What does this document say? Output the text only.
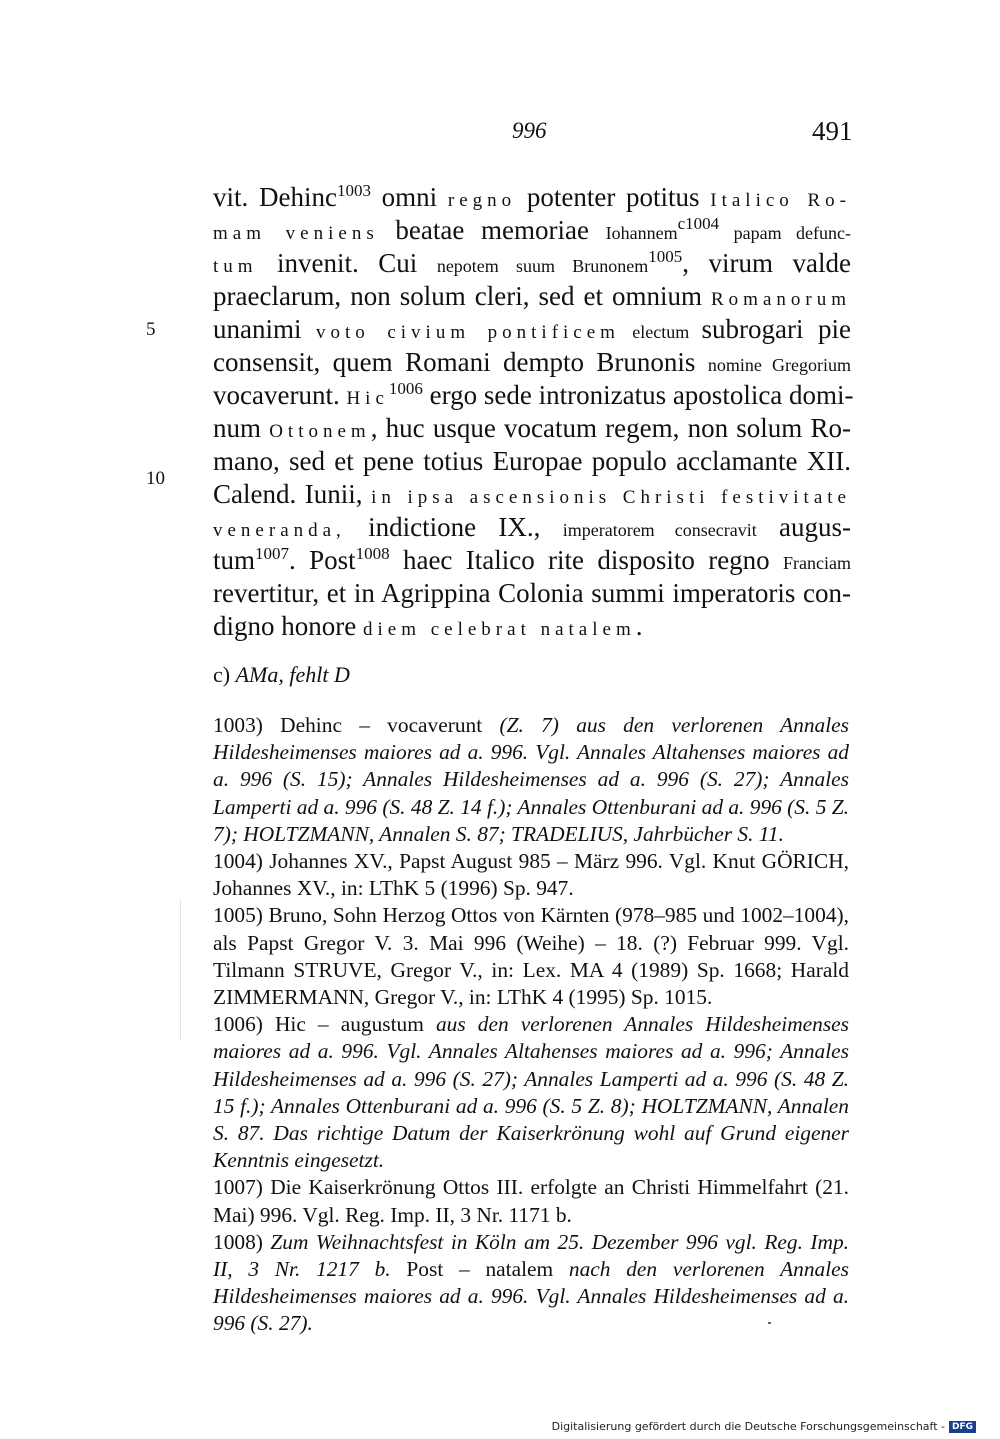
996	491
5
10
vit. Dehinc$^{1003}$ omni regno potenter potitus Italico Ro-
mam veniens beatae memoriae Iohannem$^{c1004}$ papam defunc-
tum invenit. Cui nepotem suum Brunonem$^{1005}$, virum valde
praeclarum, non solum cleri, sed et omnium Romanorum
unanimi voto civium pontificem electum subrogari pie
consensit, quem Romani dempto Brunonis nomine Gregorium
vocaverunt. Hic$^{1006}$ ergo sede intronizatus apostolica domi-
num Ottonem, huc usque vocatum regem, non solum Ro-
mano, sed et pene totius Europae populo acclamante XII.
Calend. Iunii, in ipsa ascensionis Christi festivitate
veneranda, indictione IX., imperatorem consecravit augus-
tum$^{1007}$. Post$^{1008}$ haec Italico rite disposito regno Franciam
revertitur, et in Agrippina Colonia summi imperatoris con-
digno honore diem celebrat natalem.
c) AMa, fehlt D

1003) Dehinc – vocaverunt (Z. 7) aus den verlorenen Annales Hildesheimenses maiores ad a. 996. Vgl. Annales Altahenses maiores ad a. 996 (S. 15); Annales Hildesheimenses ad a. 996 (S. 27); Annales Lamperti ad a. 996 (S. 48 Z. 14 f.); Annales Ottenburani ad a. 996 (S. 5 Z. 7); HOLTZMANN, Annalen S. 87; TRADELIUS, Jahrbücher S. 11.

1004) Johannes XV., Papst August 985 – März 996. Vgl. Knut GÖRICH, Johannes XV., in: LThK 5 (1996) Sp. 947.

1005) Bruno, Sohn Herzog Ottos von Kärnten (978–985 und 1002–1004), als Papst Gregor V. 3. Mai 996 (Weihe) – 18. (?) Februar 999. Vgl. Tilmann STRUVE, Gregor V., in: Lex. MA 4 (1989) Sp. 1668; Harald ZIMMERMANN, Gregor V., in: LThK 4 (1995) Sp. 1015.

1006) Hic – augustum aus den verlorenen Annales Hildesheimenses maiores ad a. 996. Vgl. Annales Altahenses maiores ad a. 996; Annales Hildesheimenses ad a. 996 (S. 27); Annales Lamperti ad a. 996 (S. 48 Z. 15 f.); Annales Ottenburani ad a. 996 (S. 5 Z. 8); HOLTZMANN, Annalen S. 87. Das richtige Datum der Kaiserkrönung wohl auf Grund eigener Kenntnis eingesetzt.

1007) Die Kaiserkrönung Ottos III. erfolgte an Christi Himmelfahrt (21. Mai) 996. Vgl. Reg. Imp. II, 3 Nr. 1171 b.

1008) Zum Weihnachtsfest in Köln am 25. Dezember 996 vgl. Reg. Imp. II, 3 Nr. 1217 b. Post – natalem nach den verlorenen Annales Hildesheimenses maiores ad a. 996. Vgl. Annales Hildesheimenses ad a. 996 (S. 27).

Digitalisierung gefördert durch die Deutsche Forschungsgemeinschaft - DFG
